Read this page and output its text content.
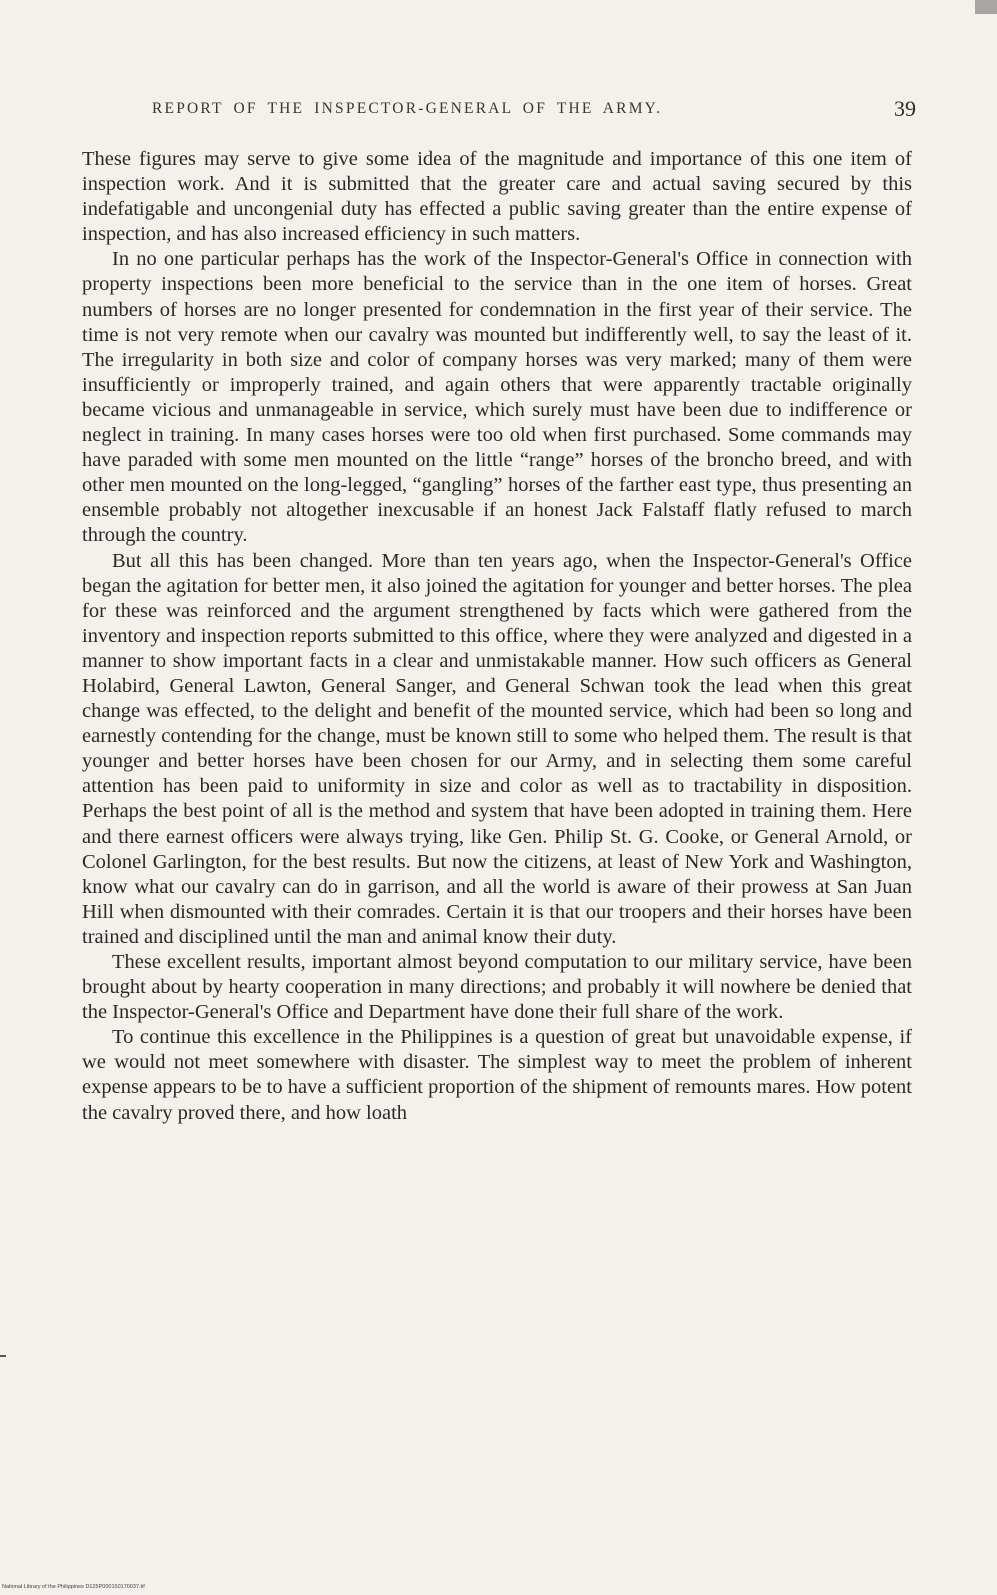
REPORT OF THE INSPECTOR-GENERAL OF THE ARMY.	39

These figures may serve to give some idea of the magnitude and importance of this one item of inspection work. And it is submitted that the greater care and actual saving secured by this indefatigable and uncongenial duty has effected a public saving greater than the entire expense of inspection, and has also increased efficiency in such matters.

In no one particular perhaps has the work of the Inspector-General's Office in connection with property inspections been more beneficial to the service than in the one item of horses. Great numbers of horses are no longer presented for condemnation in the first year of their service. The time is not very remote when our cavalry was mounted but indifferently well, to say the least of it. The irregularity in both size and color of company horses was very marked; many of them were insufficiently or improperly trained, and again others that were apparently tractable originally became vicious and unmanageable in service, which surely must have been due to indifference or neglect in training. In many cases horses were too old when first purchased. Some commands may have paraded with some men mounted on the little “range” horses of the broncho breed, and with other men mounted on the long-legged, “gangling” horses of the farther east type, thus presenting an ensemble probably not altogether inexcusable if an honest Jack Falstaff flatly refused to march through the country.

But all this has been changed. More than ten years ago, when the Inspector-General's Office began the agitation for better men, it also joined the agitation for younger and better horses. The plea for these was reinforced and the argument strengthened by facts which were gathered from the inventory and inspection reports submitted to this office, where they were analyzed and digested in a manner to show important facts in a clear and unmistakable manner. How such officers as General Holabird, General Lawton, General Sanger, and General Schwan took the lead when this great change was effected, to the delight and benefit of the mounted service, which had been so long and earnestly contending for the change, must be known still to some who helped them. The result is that younger and better horses have been chosen for our Army, and in selecting them some careful attention has been paid to uniformity in size and color as well as to tractability in disposition. Perhaps the best point of all is the method and system that have been adopted in training them. Here and there earnest officers were always trying, like Gen. Philip St. G. Cooke, or General Arnold, or Colonel Garlington, for the best results. But now the citizens, at least of New York and Washington, know what our cavalry can do in garrison, and all the world is aware of their prowess at San Juan Hill when dismounted with their comrades. Certain it is that our troopers and their horses have been trained and disciplined until the man and animal know their duty.

These excellent results, important almost beyond computation to our military service, have been brought about by hearty cooperation in many directions; and probably it will nowhere be denied that the Inspector-General's Office and Department have done their full share of the work.

To continue this excellence in the Philippines is a question of great but unavoidable expense, if we would not meet somewhere with disaster. The simplest way to meet the problem of inherent expense appears to be to have a sufficient proportion of the shipment of remounts mares. How potent the cavalry proved there, and how loath

National Library of the Philippines D125P000150170037.tif
